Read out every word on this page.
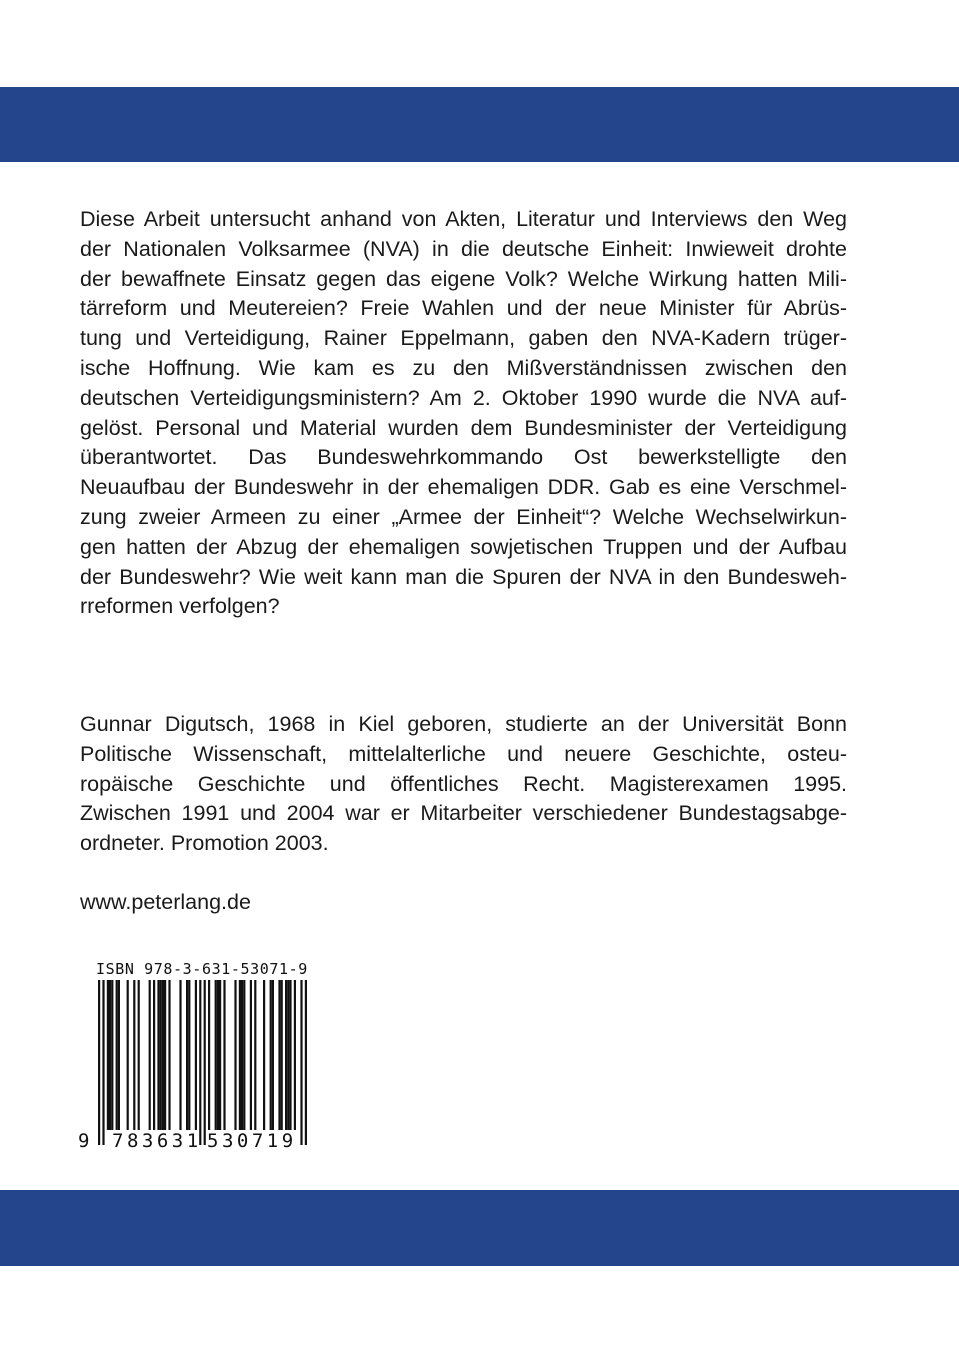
Diese Arbeit untersucht anhand von Akten, Literatur und Interviews den Weg
der Nationalen Volksarmee (NVA) in die deutsche Einheit: Inwieweit drohte
der bewaffnete Einsatz gegen das eigene Volk? Welche Wirkung hatten Mili-
tärreform und Meutereien? Freie Wahlen und der neue Minister für Abrüs-
tung und Verteidigung, Rainer Eppelmann, gaben den NVA-Kadern trüger-
ische Hoffnung. Wie kam es zu den Mißverständnissen zwischen den
deutschen Verteidigungsministern? Am 2. Oktober 1990 wurde die NVA auf-
gelöst. Personal und Material wurden dem Bundesminister der Verteidigung
überantwortet. Das Bundeswehrkommando Ost bewerkstelligte den
Neuaufbau der Bundeswehr in der ehemaligen DDR. Gab es eine Verschmel-
zung zweier Armeen zu einer „Armee der Einheit“? Welche Wechselwirkun-
gen hatten der Abzug der ehemaligen sowjetischen Truppen und der Aufbau
der Bundeswehr? Wie weit kann man die Spuren der NVA in den Bundesweh-
rreformen verfolgen?
Gunnar Digutsch, 1968 in Kiel geboren, studierte an der Universität Bonn
Politische Wissenschaft, mittelalterliche und neuere Geschichte, osteu-
ropäische Geschichte und öffentliches Recht. Magisterexamen 1995.
Zwischen 1991 und 2004 war er Mitarbeiter verschiedener Bundestagsabge-
ordneter. Promotion 2003.
www.peterlang.de
ISBN 978-3-631-53071-9
9 783631 530719
